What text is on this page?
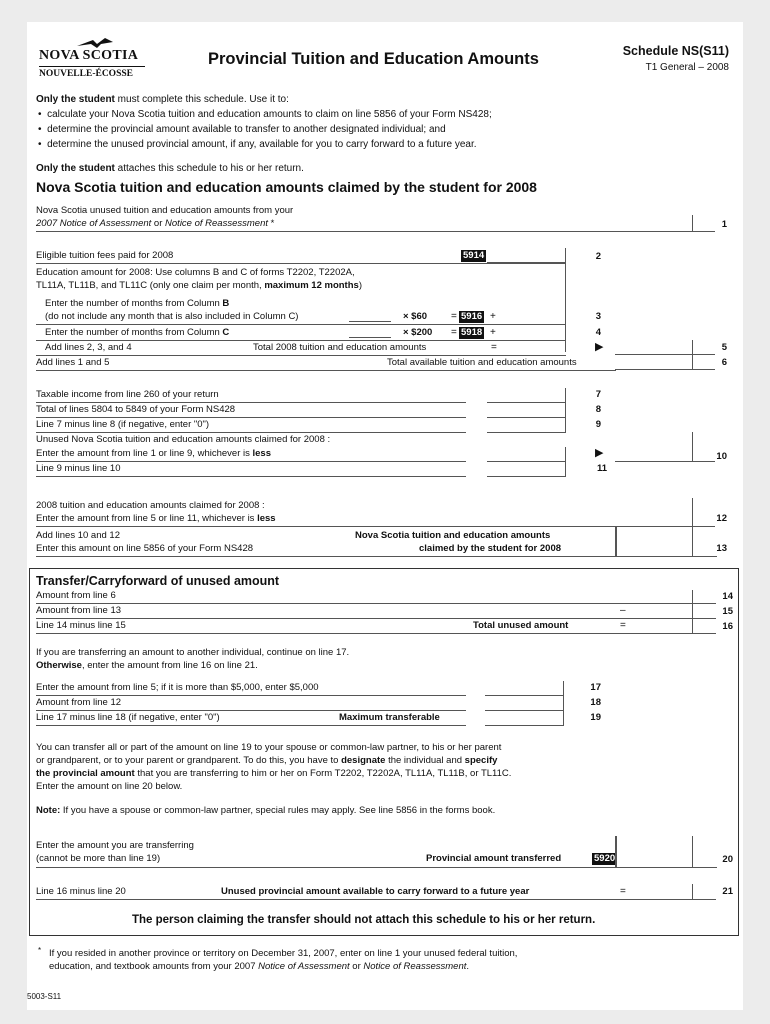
NOVA SCOTIA
NOUVELLE-ÉCOSSE
Provincial Tuition and Education Amounts	Schedule NS(S11)
T1 General – 2008
Only the student must complete this schedule. Use it to:
•  calculate your Nova Scotia tuition and education amounts to claim on line 5856 of your Form NS428;
•  determine the provincial amount available to transfer to another designated individual; and
•  determine the unused provincial amount, if any, available for you to carry forward to a future year.
Only the student attaches this schedule to his or her return.
Nova Scotia tuition and education amounts claimed by the student for 2008
Nova Scotia unused tuition and education amounts from your
2007 Notice of Assessment or Notice of Reassessment *	1
Eligible tuition fees paid for 2008	5914	2
Education amount for 2008: Use columns B and C of forms T2202, T2202A,
TL11A, TL11B, and TL11C (only one claim per month, maximum 12 months)
Enter the number of months from Column B
(do not include any month that is also included in Column C)	× $60 = 5916 +	3
Enter the number of months from Column C	× $200 = 5918 +	4
Add lines 2, 3, and 4	Total 2008 tuition and education amounts	=	▶	5
Add lines 1 and 5	Total available tuition and education amounts	6
Taxable income from line 260 of your return	7
Total of lines 5804 to 5849 of your Form NS428	8
Line 7 minus line 8 (if negative, enter "0")	9
Unused Nova Scotia tuition and education amounts claimed for 2008 :
Enter the amount from line 1 or line 9, whichever is less	▶	10
Line 9 minus line 10	11
2008 tuition and education amounts claimed for 2008 :
Enter the amount from line 5 or line 11, whichever is less	12
Add lines 10 and 12
Enter this amount on line 5856 of your Form NS428
Nova Scotia tuition and education amounts
claimed by the student for 2008	13
Transfer/Carryforward of unused amount
Amount from line 6	14
Amount from line 13	–	15
Line 14 minus line 15	Total unused amount	=	16
If you are transferring an amount to another individual, continue on line 17.
Otherwise, enter the amount from line 16 on line 21.
Enter the amount from line 5; if it is more than $5,000, enter $5,000	17
Amount from line 12	18
Line 17 minus line 18 (if negative, enter "0")	Maximum transferable	19
You can transfer all or part of the amount on line 19 to your spouse or common-law partner, to his or her parent
or grandparent, or to your parent or grandparent. To do this, you have to designate the individual and specify
the provincial amount that you are transferring to him or her on Form T2202, T2202A, TL11A, TL11B, or TL11C.
Enter the amount on line 20 below.
Note: If you have a spouse or common-law partner, special rules may apply. See line 5856 in the forms book.
Enter the amount you are transferring
(cannot be more than line 19)	Provincial amount transferred	5920	20
Line 16 minus line 20	Unused provincial amount available to carry forward to a future year	=	21
The person claiming the transfer should not attach this schedule to his or her return.
* If you resided in another province or territory on December 31, 2007, enter on line 1 your unused federal tuition,
education, and textbook amounts from your 2007 Notice of Assessment or Notice of Reassessment.
5003-S11
